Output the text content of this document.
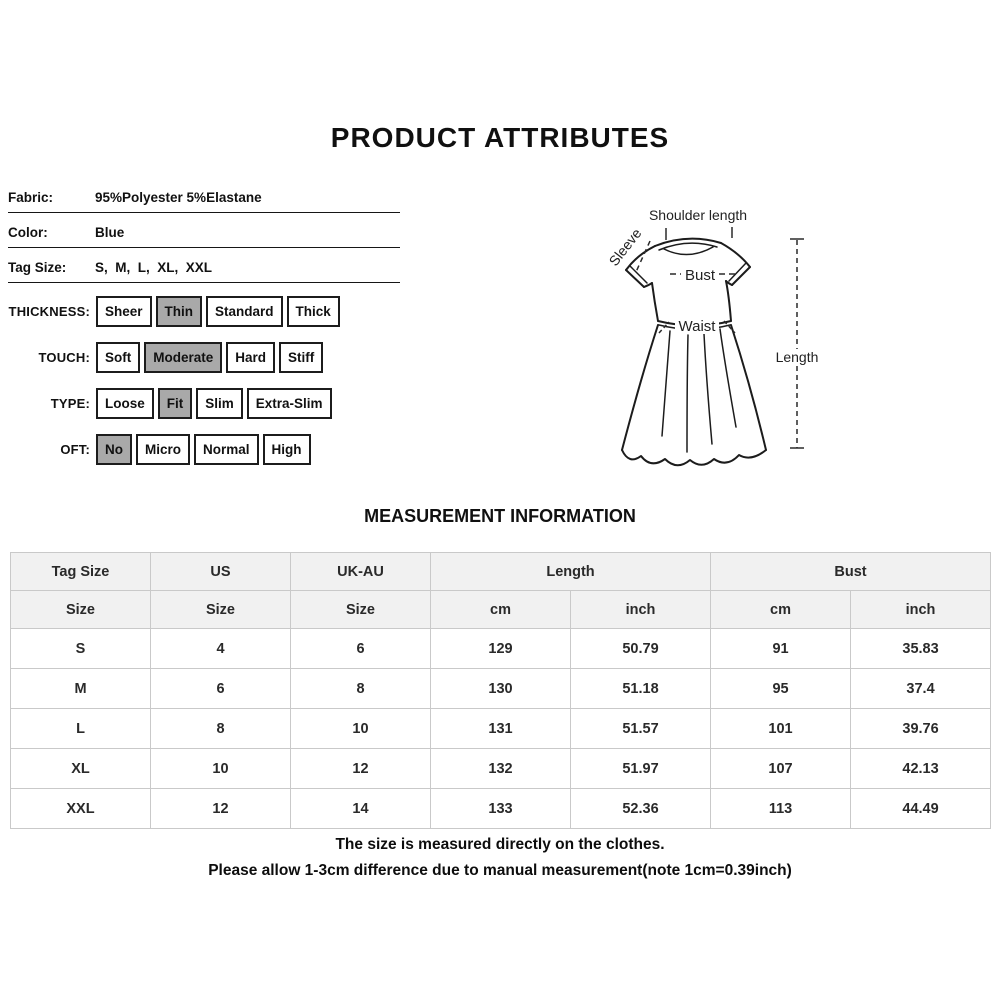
PRODUCT ATTRIBUTES
Fabric:	95%Polyester 5%Elastane
Color:	Blue
Tag Size:	S,  M,  L,  XL,  XXL
THICKNESS:	Sheer	Thin	Standard	Thick
TOUCH:	Soft	Moderate	Hard	Stiff
TYPE:	Loose	Fit	Slim	Extra-Slim
OFT:	No	Micro	Normal	High
Shoulder length
Sleeve
Bust
Waist
Length
MEASUREMENT INFORMATION
Tag Size	US	UK-AU	Length		Bust	
Size	Size	Size	cm	inch	cm	inch
S	4	6	129	50.79	91	35.83
M	6	8	130	51.18	95	37.4
L	8	10	131	51.57	101	39.76
XL	10	12	132	51.97	107	42.13
XXL	12	14	133	52.36	113	44.49

The size is measured directly on the clothes.

Please allow 1-3cm difference due to manual measurement(note 1cm=0.39inch)
